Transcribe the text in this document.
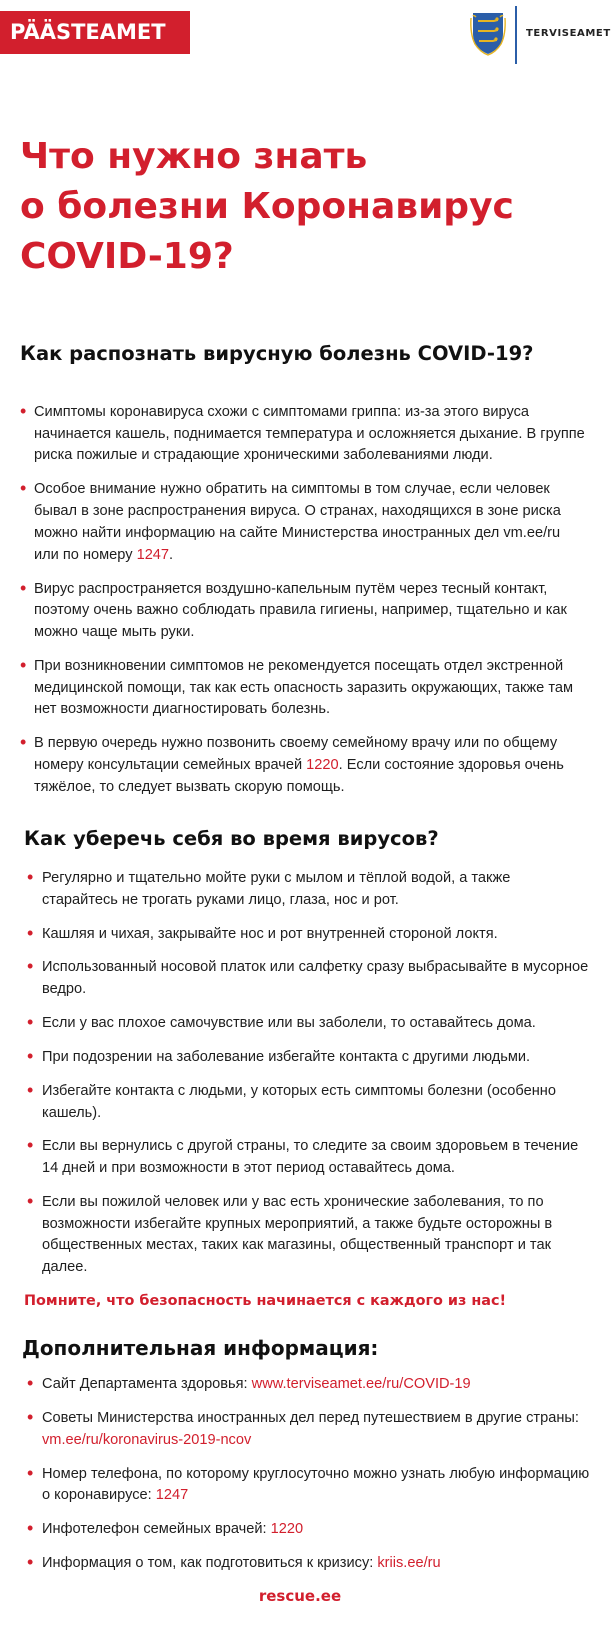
PÄÄSTEAMET	TERVISEAMET
Что нужно знать
о болезни Коронавирус
COVID-19?
Как распознать вирусную болезнь COVID-19?
• Симптомы коронавируса схожи с симптомами гриппа: из-за этого вируса начинается кашель, поднимается температура и осложняется дыхание. В группе риска пожилые и страдающие хроническими заболеваниями люди.
• Особое внимание нужно обратить на симптомы в том случае, если человек бывал в зоне распространения вируса. О странах, находящихся в зоне риска можно найти информацию на сайте Министерства иностранных дел vm.ee/ru или по номеру 1247.
• Вирус распространяется воздушно-капельным путём через тесный контакт, поэтому очень важно соблюдать правила гигиены, например, тщательно и как можно чаще мыть руки.
• При возникновении симптомов не рекомендуется посещать отдел экстренной медицинской помощи, так как есть опасность заразить окружающих, также там нет возможности диагностировать болезнь.
• В первую очередь нужно позвонить своему семейному врачу или по общему номеру консультации семейных врачей 1220. Если состояние здоровья очень тяжёлое, то следует вызвать скорую помощь.
Как уберечь себя во время вирусов?
• Регулярно и тщательно мойте руки с мылом и тёплой водой, а также старайтесь не трогать руками лицо, глаза, нос и рот.
• Кашляя и чихая, закрывайте нос и рот внутренней стороной локтя.
• Использованный носовой платок или салфетку сразу выбрасывайте в мусорное ведро.
• Если у вас плохое самочувствие или вы заболели, то оставайтесь дома.
• При подозрении на заболевание избегайте контакта с другими людьми.
• Избегайте контакта с людьми, у которых есть симптомы болезни (особенно кашель).
• Если вы вернулись с другой страны, то следите за своим здоровьем в течение 14 дней и при возможности в этот период оставайтесь дома.
• Если вы пожилой человек или у вас есть хронические заболевания, то по возможности избегайте крупных мероприятий, а также будьте осторожны в общественных местах, таких как магазины, общественный транспорт и так далее.

Помните, что безопасность начинается с каждого из нас!

Дополнительная информация:
• Сайт Департамента здоровья: www.terviseamet.ee/ru/COVID-19
• Советы Министерства иностранных дел перед путешествием в другие страны: vm.ee/ru/koronavirus-2019-ncov
• Номер телефона, по которому круглосуточно можно узнать любую информацию о коронавирусе: 1247
• Инфотелефон семейных врачей: 1220
• Информация о том, как подготовиться к кризису: kriis.ee/ru
rescue.ee
